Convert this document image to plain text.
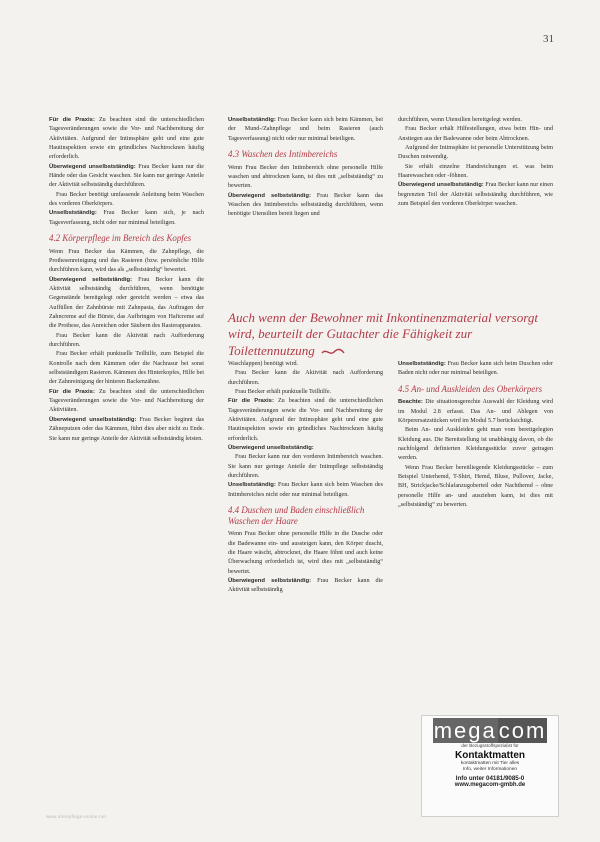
31

Für die Praxis: Zu beachten sind die unterschiedlichen Tagesveränderungen sowie die Vor- und Nachbereitung der Aktivitäten. Aufgrund der Intimsphäre geht und eine gute Hautinspektion sowie ein gründliches Nachtrocknen häufig erforderlich.

Überwiegend unselbstständig: Frau Becker kann nur die Hände oder das Gesicht waschen. Sie kann nur geringe Anteile der Aktivität selbstständig durchführen.

Frau Becker benötigt umfassende Anleitung beim Waschen des vorderen Oberkörpers.

Unselbstständig: Frau Becker kann sich, je nach Tagesverfassung, nicht oder nur minimal beteiligen.

4.2 Körperpflege im Bereich des Kopfes

Wenn Frau Becker das Kämmen, die Zahnpflege, die Prothesenreinigung und das Rasieren (bzw. persönliche Hilfe durchführen kann, wird das als „selbstständig“ bewertet.

Überwiegend selbstständig: Frau Becker kann die Aktivität selbstständig durchführen, wenn benötigte Gegenstände bereitgelegt oder gereicht werden – etwa das Auffüllen der Zahnbürste mit Zahnpasta, das Auftragen der Zahncreme auf die Bürste, das Aufbringen von Haftcreme auf die Prothese, das Anreichen oder Säubern des Rasierapparates.

Frau Becker kann die Aktivität nach Aufforderung durchführen.

Frau Becker erhält punktuelle Teilhilfe, zum Beispiel die Kontrolle nach dem Kämmen oder die Nachrasur bei sonst selbstständigem Rasieren. Kämmen des Hinterkopfes, Hilfe bei der Zahnreinigung der hinteren Backenzähne.

Für die Praxis: Zu beachten sind die unterschiedlichen Tagesveränderungen sowie die Vor- und Nachbereitung der Aktivitäten.

Überwiegend unselbstständig: Frau Becker beginnt das Zähneputzen oder das Kämmen, führt dies aber nicht zu Ende. Sie kann nur geringe Anteile der Aktivität selbstständig leisten.

Unselbstständig: Frau Becker kann sich beim Kämmen, bei der Mund-/Zahnpflege und beim Rasieren (auch Tagesverfassung) nicht oder nur minimal beteiligen.

4.3 Waschen des Intimbereichs

Wenn Frau Becker den Intimbereich ohne personelle Hilfe waschen und abtrocknen kann, ist dies mit „selbstständig“ zu bewerten.

Überwiegend selbstständig: Frau Becker kann das Waschen des Intimbereichs selbstständig durchführen, wenn benötigte Utensilien bereit liegen und

durchführen, wenn Utensilien bereitgelegt werden.

Frau Becker erhält Hilfestellungen, etwa beim Hin- und Anstiegen aus der Badewanne oder beim Abtrocknen.

Aufgrund der Intimsphäre ist personelle Unterstützung beim Duschen notwendig.

Sie erhält einzelne Handreichungen et. was beim Haarewaschen oder -föhnen.

Überwiegend unselbstständig: Frau Becker kann nur einen begrenzten Teil der Aktivität selbstständig durchführen, wie zum Beispiel den vorderen Oberkörper waschen.

Auch wenn der Bewohner mit Inkontinenzmaterial versorgt wird, beurteilt der Gutachter die Fähigkeit zur Toilettennutzung

Waschlappen) benötigt wird.

Frau Becker kann die Aktivität nach Aufforderung durchführen.

Frau Becker erhält punktuelle Teilhilfe.

Für die Praxis: Zu beachten sind die unterschiedlichen Tagesveränderungen sowie die Vor- und Nachbereitung der Aktivitäten. Aufgrund der Intimsphäre geht und eine gute Hautinspektion sowie ein gründliches Nachtrocknen häufig erforderlich.

Überwiegend unselbstständig:

Frau Becker kann nur den vorderen Intimbereich waschen. Sie kann nur geringe Anteile der Intimpflege selbstständig durchführen.

Unselbstständig: Frau Becker kann sich beim Waschen des Intimbereiches nicht oder nur minimal beteiligen.

4.4 Duschen und Baden einschließlich Waschen der Haare

Wenn Frau Becker ohne personelle Hilfe in die Dusche oder die Badewanne ein- und aussteigen kann, den Körper duscht, die Haare wäscht, abtrocknet, die Haare föhnt und auch keine Überwachung erforderlich ist, wird dies mit „selbstständig“ bewertet.

Überwiegend selbstständig: Frau Becker kann die Aktivität selbstständig

Unselbstständig: Frau Becker kann sich beim Duschen oder Baden nicht oder nur minimal beteiligen.

4.5 An- und Auskleiden des Oberkörpers

Beachte: Die situationsgerechte Auswahl der Kleidung wird im Modul 2.8 erfasst. Das An- und Ablegen von Körperersatzstücken wird im Modul 5.7 berücksichtigt.

Beim An- und Auskleiden geht man vom bereitgelegten Kleidung aus. Die Bereitstellung ist unabhängig davon, ob die nachfolgend definierten Kleidungsstücke zuvor getragen werden.

Wenn Frau Becker bereitliegende Kleidungsstücke – zum Beispiel Unterhemd, T-Shirt, Hemd, Bluse, Pullover, Jacke, BH, Strickjacke/Schlafanzugoberteil oder Nachthemd – ohne personelle Hilfe an- und ausziehen kann, ist dies mit „selbstständig“ zu bewerten.

megacom
der Bezugsstoffspezialist für
Kontaktmatten
kontaktmatten mit Tier alles
Info, weiter Informationen
Info unter 04181/9085-0
www.megacom-gmbh.de
www.altenpflege-online.net
